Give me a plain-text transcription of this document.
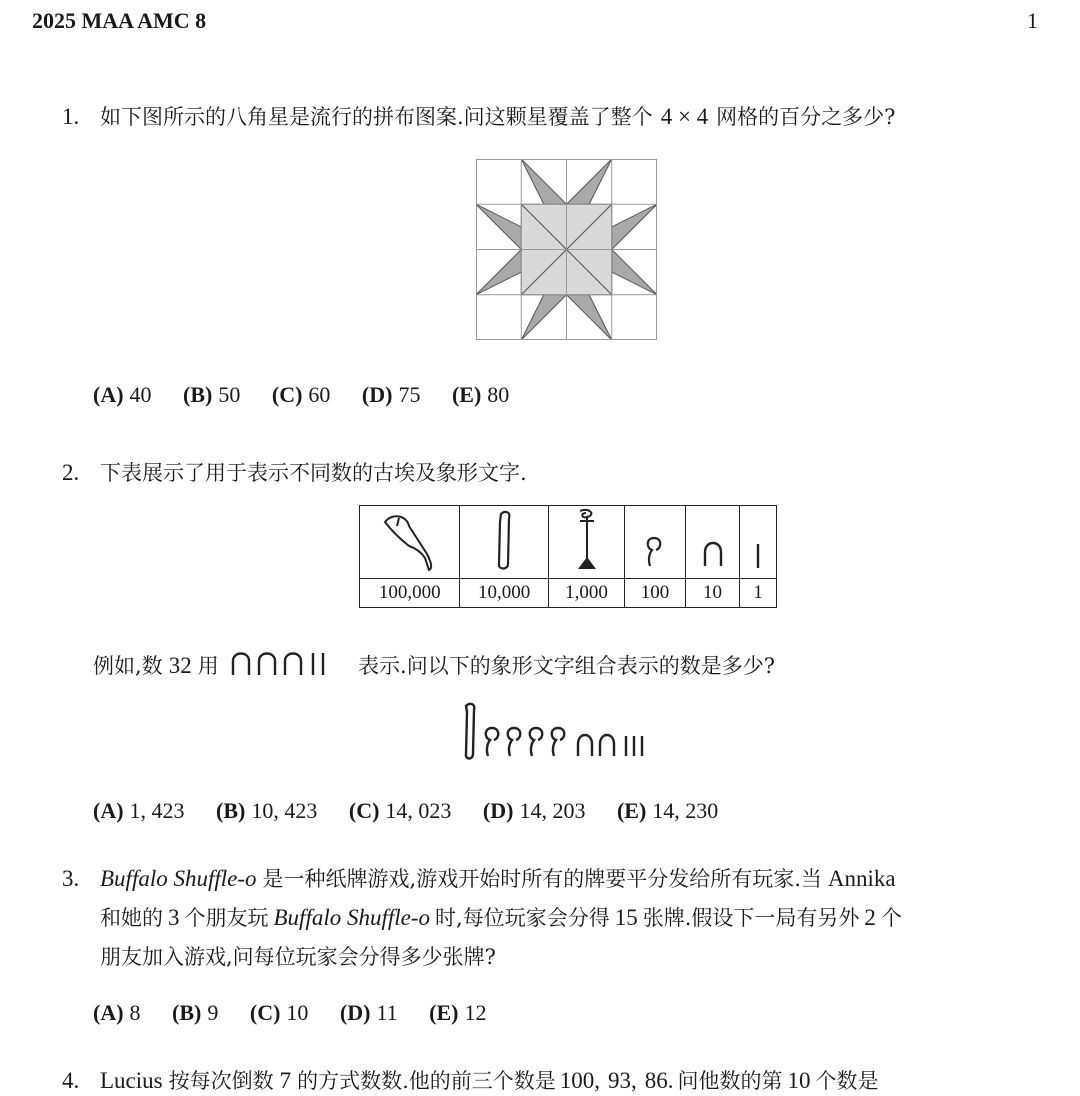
2025 MAA AMC 8	1
1. 如下图所示的八角星是流行的拼布图案.问这颗星覆盖了整个 4 × 4 网格的百分之多少?
(A) 40 (B) 50 (C) 60 (D) 75 (E) 80
2. 下表展示了用于表示不同数的古埃及象形文字.

100,000	10,000	1,000	100	10	1
例如,数 32 用	表示.问以下的象形文字组合表示的数是多少?
(A) 1, 423 (B) 10, 423 (C) 14, 023 (D) 14, 203 (E) 14, 230
3. Buffalo Shuffle-o 是一种纸牌游戏,游戏开始时所有的牌要平分发给所有玩家.当 Annika
和她的 3 个朋友玩 Buffalo Shuffle-o 时,每位玩家会分得 15 张牌.假设下一局有另外 2 个
朋友加入游戏,问每位玩家会分得多少张牌?
(A) 8 (B) 9 (C) 10 (D) 11 (E) 12
4. Lucius 按每次倒数 7 的方式数数.他的前三个数是 100, 93, 86. 问他数的第 10 个数是
